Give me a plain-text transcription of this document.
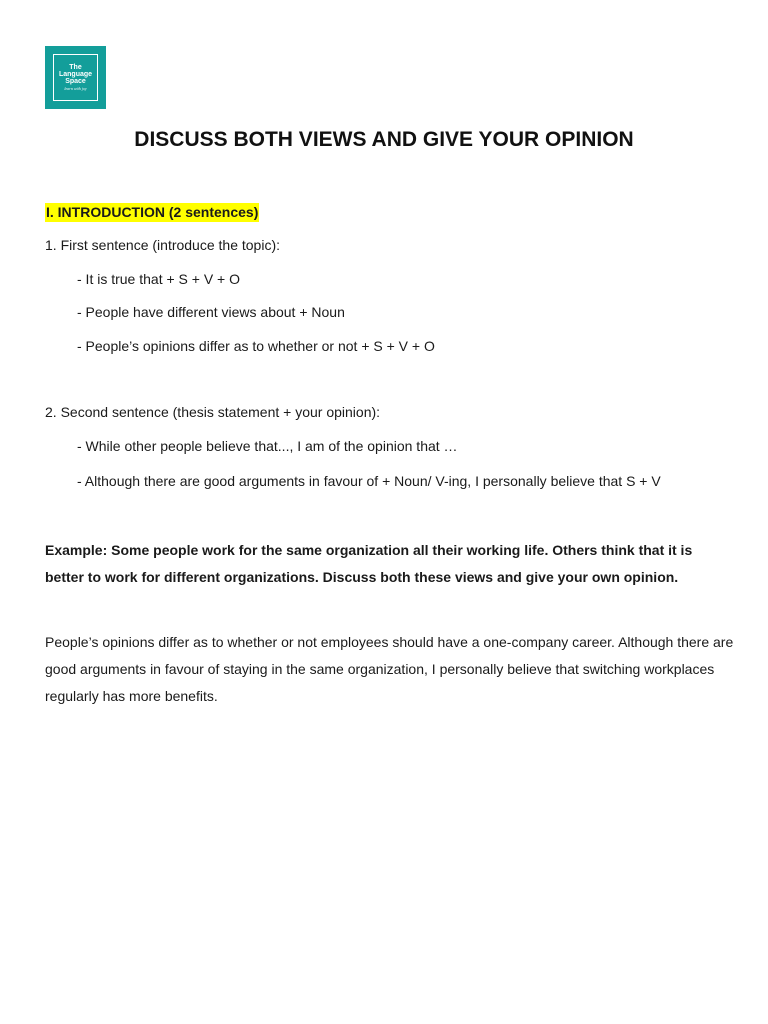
The
Language
Space
learn with joy
DISCUSS BOTH VIEWS AND GIVE YOUR OPINION
I. INTRODUCTION (2 sentences)
1. First sentence (introduce the topic):
- It is true that + S + V + O
- People have different views about + Noun
- People’s opinions differ as to whether or not + S + V + O
2. Second sentence (thesis statement + your opinion):
- While other people believe that..., I am of the opinion that …
- Although there are good arguments in favour of + Noun/ V-ing, I personally believe that S + V
Example: Some people work for the same organization all their working life. Others think that it is better to work for different organizations. Discuss both these views and give your own opinion.
People’s opinions differ as to whether or not employees should have a one-company career. Although there are good arguments in favour of staying in the same organization, I personally believe that switching workplaces regularly has more benefits.
